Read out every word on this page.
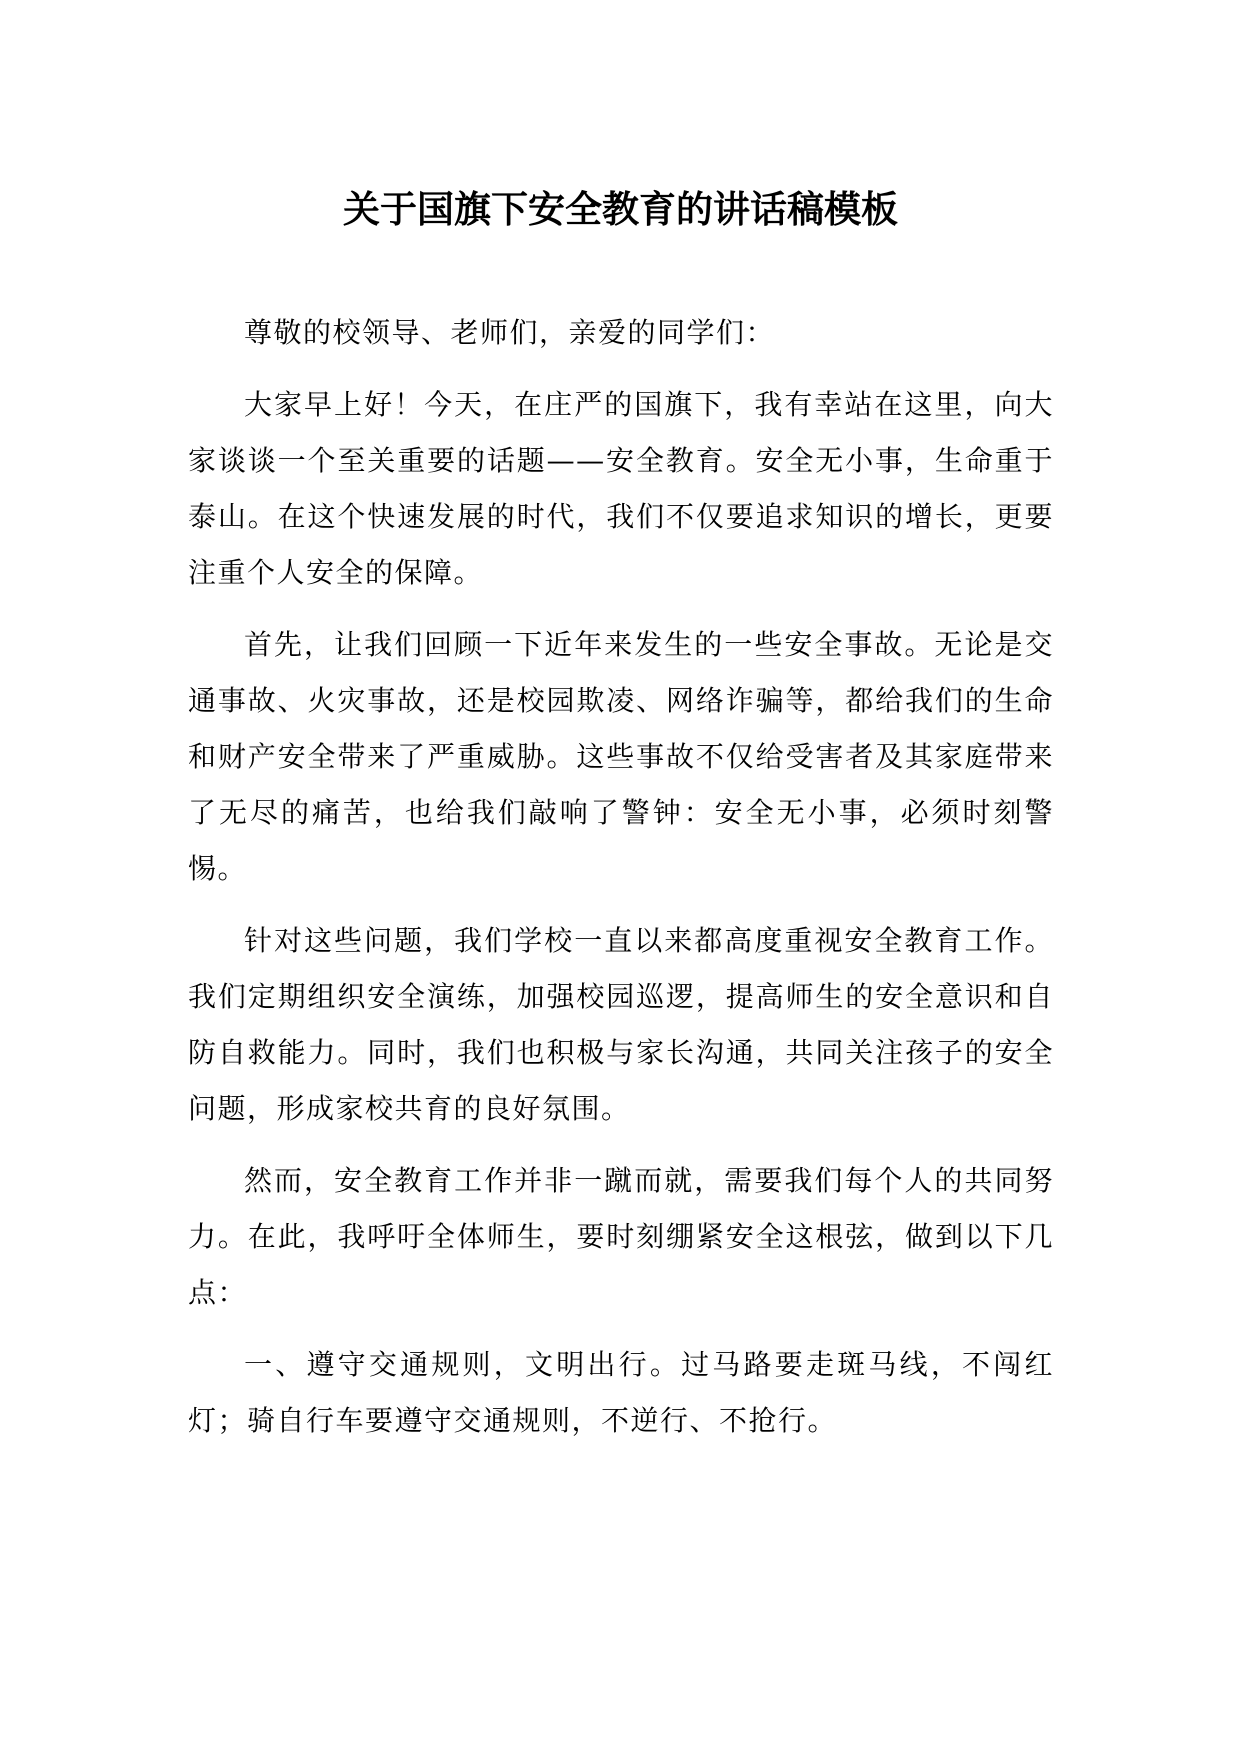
关于国旗下安全教育的讲话稿模板

尊敬的校领导、老师们，亲爱的同学们：

大家早上好！今天，在庄严的国旗下，我有幸站在这里，向大家谈谈一个至关重要的话题——安全教育。安全无小事，生命重于泰山。在这个快速发展的时代，我们不仅要追求知识的增长，更要注重个人安全的保障。

首先，让我们回顾一下近年来发生的一些安全事故。无论是交通事故、火灾事故，还是校园欺凌、网络诈骗等，都给我们的生命和财产安全带来了严重威胁。这些事故不仅给受害者及其家庭带来了无尽的痛苦，也给我们敲响了警钟：安全无小事，必须时刻警惕。

针对这些问题，我们学校一直以来都高度重视安全教育工作。我们定期组织安全演练，加强校园巡逻，提高师生的安全意识和自防自救能力。同时，我们也积极与家长沟通，共同关注孩子的安全问题，形成家校共育的良好氛围。

然而，安全教育工作并非一蹴而就，需要我们每个人的共同努力。在此，我呼吁全体师生，要时刻绷紧安全这根弦，做到以下几点：

一、遵守交通规则，文明出行。过马路要走斑马线，不闯红灯；骑自行车要遵守交通规则，不逆行、不抢行。
